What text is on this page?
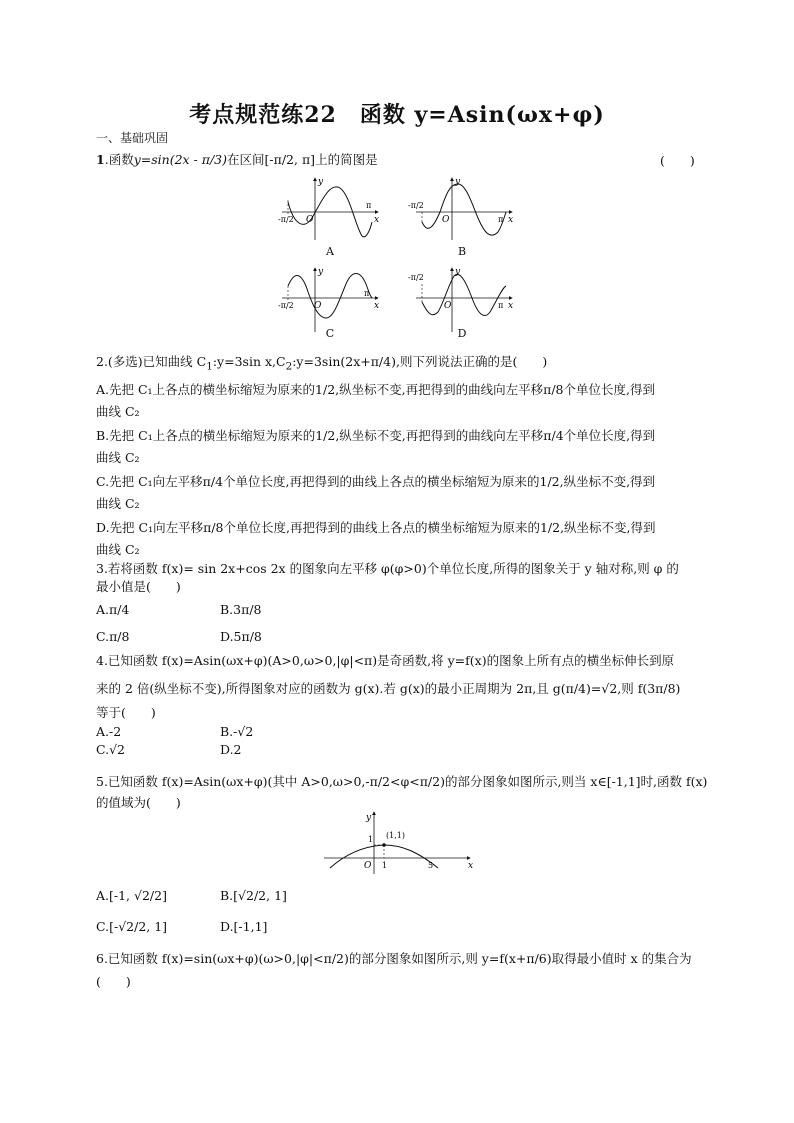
考点规范练22　函数 y=Asin(ωx+φ)
一、基础巩固
1.函数y=sin(2x - π/3)在区间[-π/2, π]上的简图是	(　　)
y
x
O
π
-π/2
y
x
O	π
-π/2
y
x
O
π
-π/2
y
x
O	π
-π/2
A	B
C	D
2.(多选)已知曲线 $C_1:y=3\sin$ $x,C_2:y=3\sin(2x+\pi/4)$,则下列说法正确的是(　　)
A.先把 C₁上各点的横坐标缩短为原来的1/2,纵坐标不变,再把得到的曲线向左平移π/8个单位长度,得到
曲线 C₂
B.先把 C₁上各点的横坐标缩短为原来的1/2,纵坐标不变,再把得到的曲线向左平移π/4个单位长度,得到
曲线 C₂
C.先把 C₁向左平移π/4个单位长度,再把得到的曲线上各点的横坐标缩短为原来的1/2,纵坐标不变,得到
曲线 C₂
D.先把 C₁向左平移π/8个单位长度,再把得到的曲线上各点的横坐标缩短为原来的1/2,纵坐标不变,得到
曲线 C₂
3.若将函数 f(x)= sin 2x+cos 2x 的图象向左平移 φ(φ>0)个单位长度,所得的图象关于 y 轴对称,则 φ 的
最小值是(　　)
A.π/4	B.3π/8
C.π/8	D.5π/8
4.已知函数 f(x)=Asin(ωx+φ)(A>0,ω>0,|φ|<π)是奇函数,将 y=f(x)的图象上所有点的横坐标伸长到原
来的 2 倍(纵坐标不变),所得图象对应的函数为 g(x).若 g(x)的最小正周期为 2π,且 g(π/4)=√2,则 f(3π/8)
等于(　　)
A.-2	B.-√2
C.√2	D.2
5.已知函数 f(x)=Asin(ωx+φ)(其中 A>0,ω>0,-π/2<φ<π/2)的部分图象如图所示,则当 x∈[-1,1]时,函数 f(x)
的值域为(　　)
y
x
O
1
1	5
(1,1)
A.[-1, √2/2]	B.[√2/2, 1]
C.[-√2/2, 1]	D.[-1,1]
6.已知函数 f(x)=sin(ωx+φ)(ω>0,|φ|<π/2)的部分图象如图所示,则 y=f(x+π/6)取得最小值时 x 的集合为
(　　)
